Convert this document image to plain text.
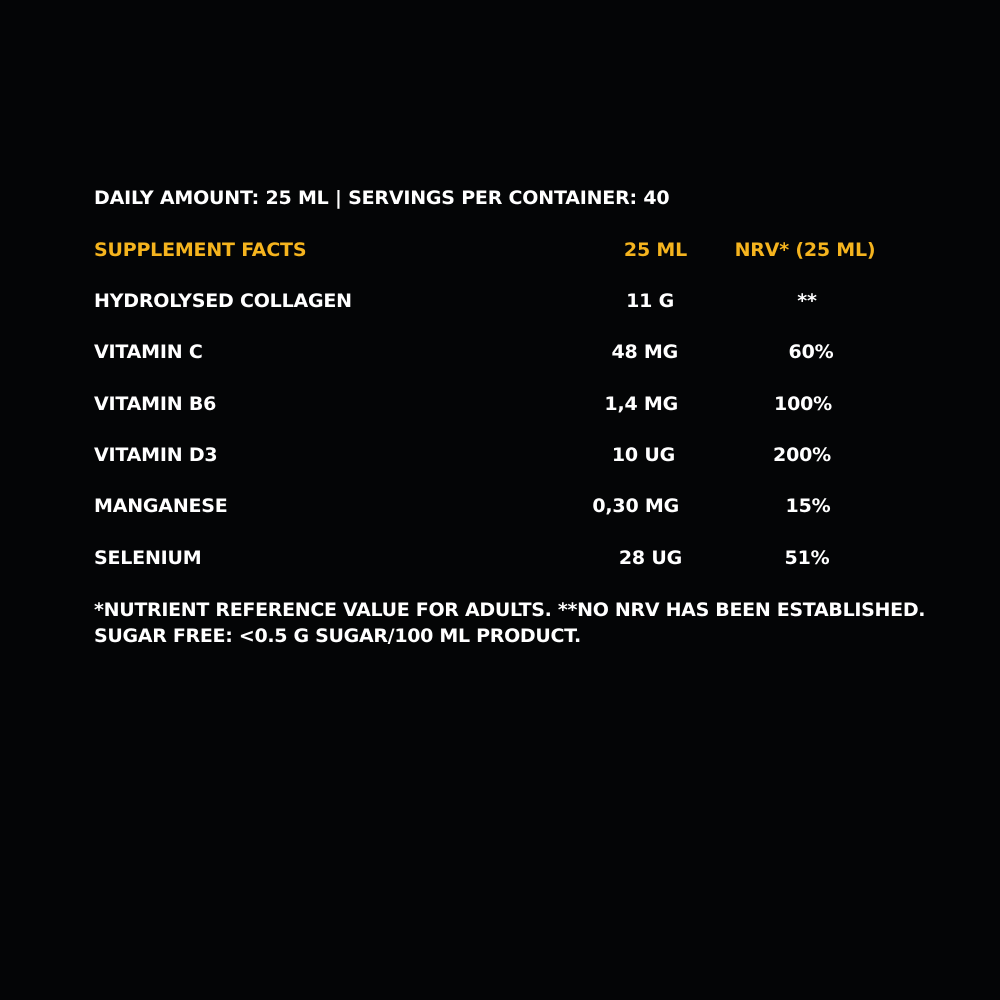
DAILY AMOUNT: 25 ML | SERVINGS PER CONTAINER: 40
SUPPLEMENT FACTS	25 ML	NRV* (25 ML)
HYDROLYSED COLLAGEN	11 G	**
VITAMIN C	48 MG	60%
VITAMIN B6	1,4 MG	100%
VITAMIN D3	10 UG	200%
MANGANESE	0,30 MG	15%
SELENIUM	28 UG	51%
*NUTRIENT REFERENCE VALUE FOR ADULTS. **NO NRV HAS BEEN ESTABLISHED.
SUGAR FREE: <0.5 G SUGAR/100 ML PRODUCT.
